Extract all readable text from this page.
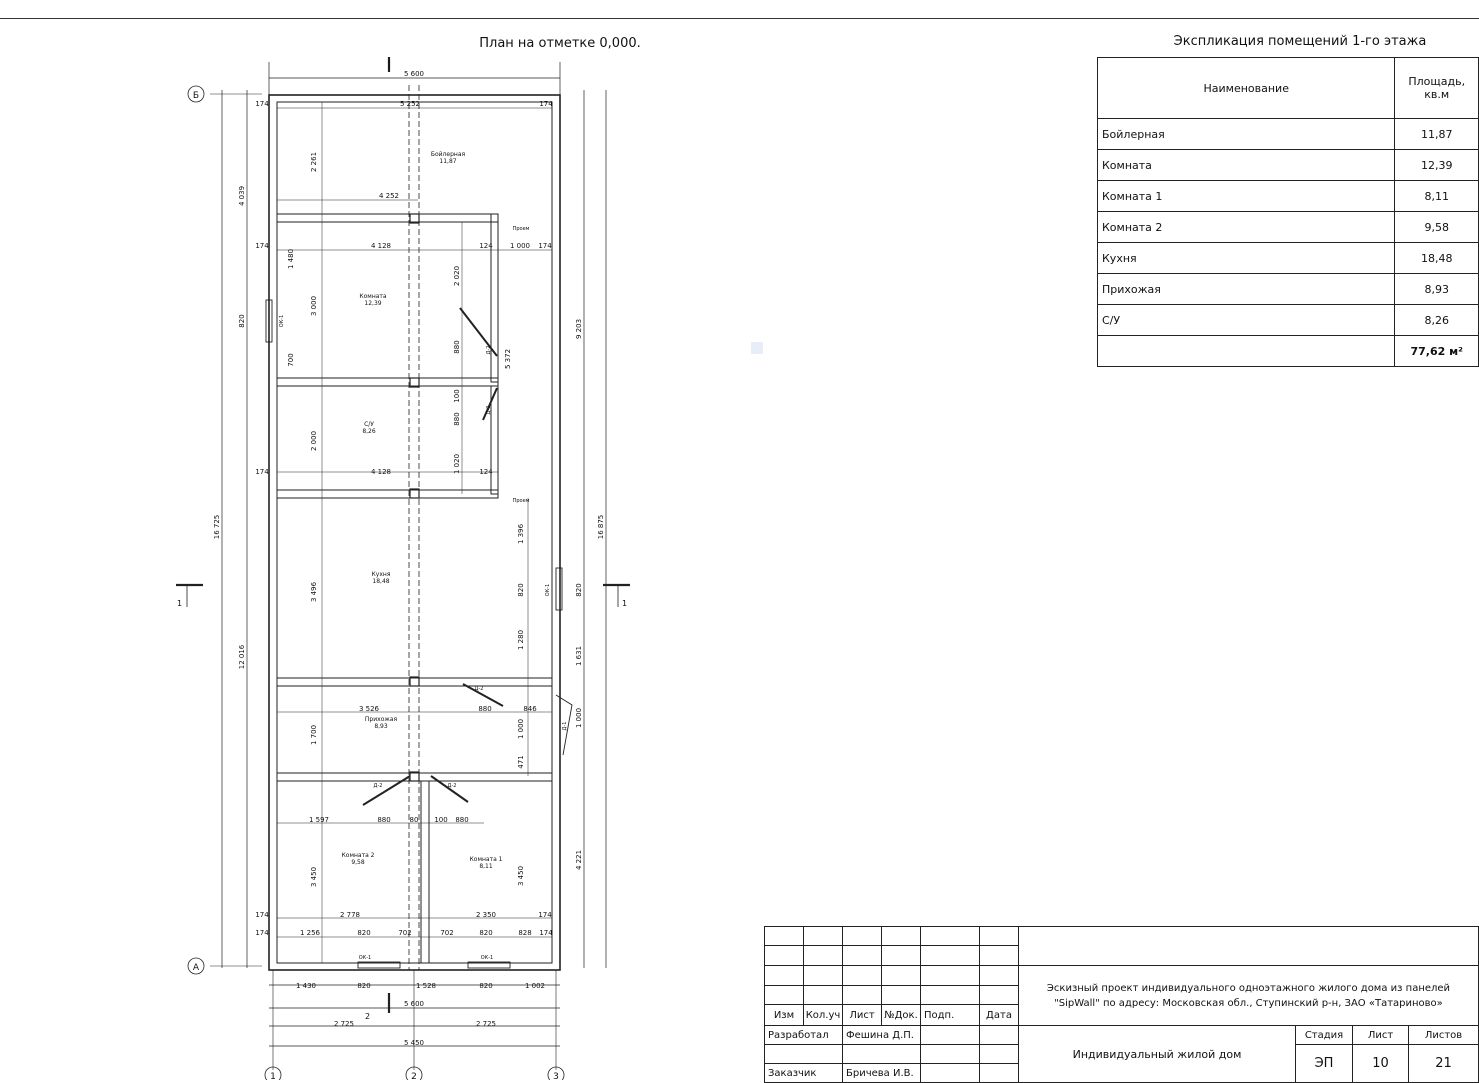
План на отметке 0,000.
Б
А
1	2	3
1	1
2
Бойлерная
11,87
Комната
12,39
С/У
8,26
Кухня
18,48
Прихожая
8,93
Комната 2
9,58	Комната 1
8,11
5 600
5 252
174	174
4 252
174	4 128	124 1 000 174
Проем
Проем
174	4 128	124
3 526	880	846
1 597	880	80 100 880
2 778	2 350
174	174
174	1 256	820	702	702	820	828 174
ОК-1	ОК-1
1 430	820	1 528	820	1 002
5 600
2 725	2 725
5 450
Д-2
Д-2	Д-2
16 725
4 039
820
12 016
16 875
9 203
820
1 631
1 000
4 221
2 261
1 480
3 000
700
2 020
880
100
880
1 020
5 372
2 000
3 496
1 396
820
1 280
1 700	1 000
471
3 450	3 450
ОК-1
ОК-1
Д-1
Д-2
Д-2
I
Экспликация помещений 1-го этажа
Наименование	Площадь, кв.м
Бойлерная	11,87
Комната	12,39
Комната 1	8,11
Комната 2	9,58
Кухня	18,48
Прихожая	8,93
С/У	8,26
	77,62 м²
Изм	Кол.уч Лист №Док. Подп.	Дата
Разработал	Фешина Д.П.
Заказчик	Бричева И.В.
Эскизный проект индивидуального одноэтажного жилого дома из панелей "SipWall" по адресу: Московская обл., Ступинский р-н, ЗАО «Татариново»
Индивидуальный жилой дом
Стадия	Лист	Листов
ЭП	10	21
